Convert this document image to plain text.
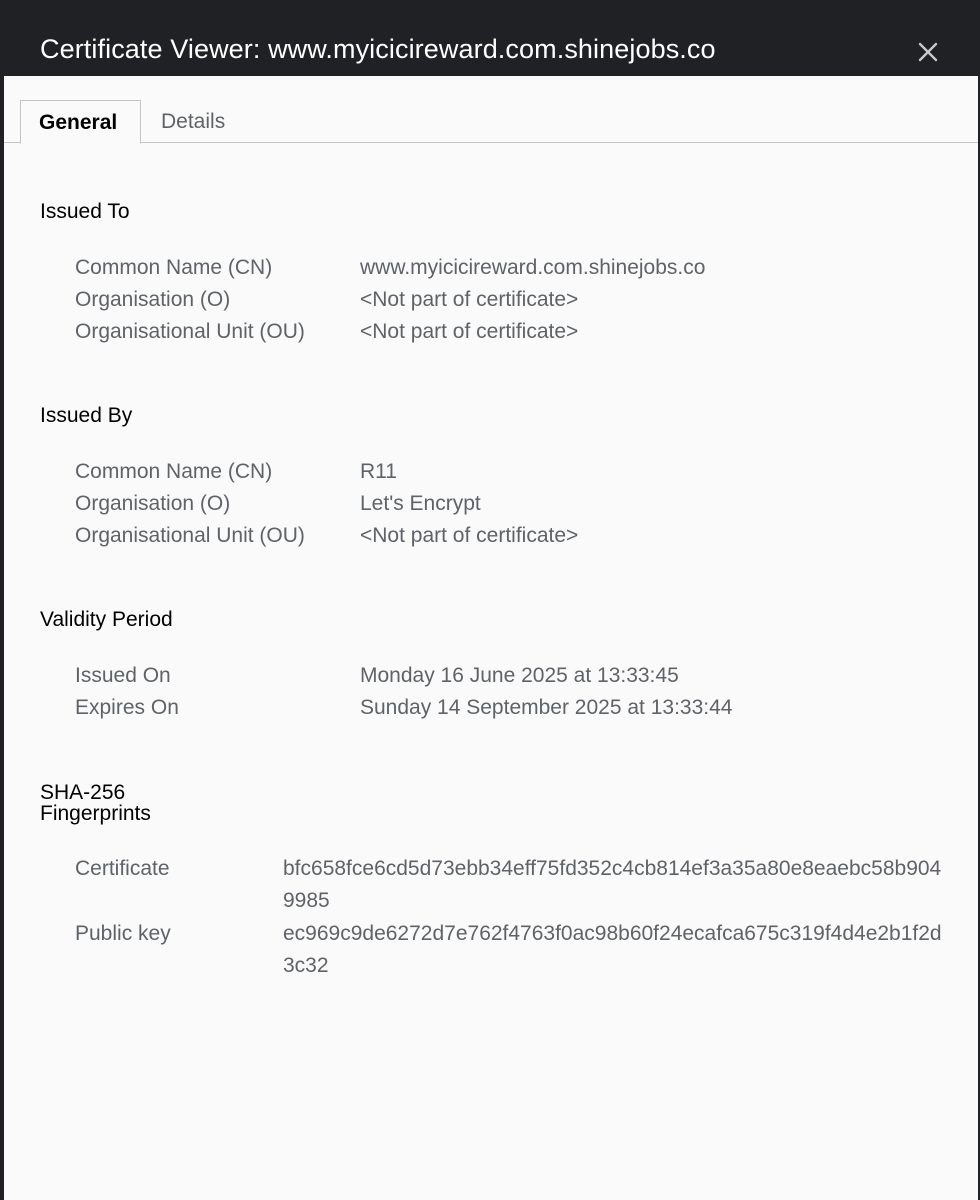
Certificate Viewer: www.myicicireward.com.shinejobs.co
General	Details
Issued To
Common Name (CN)	www.myicicireward.com.shinejobs.co
Organisation (O)	<Not part of certificate>
Organisational Unit (OU)	<Not part of certificate>
Issued By
Common Name (CN)	R11
Organisation (O)	Let's Encrypt
Organisational Unit (OU)	<Not part of certificate>
Validity Period
Issued On	Monday 16 June 2025 at 13:33:45
Expires On	Sunday 14 September 2025 at 13:33:44
SHA-256
Fingerprints
Certificate	bfc658fce6cd5d73ebb34eff75fd352c4cb814ef3a35a80e8eaebc58b9049985
Public key	ec969c9de6272d7e762f4763f0ac98b60f24ecafca675c319f4d4e2b1f2d3c32
